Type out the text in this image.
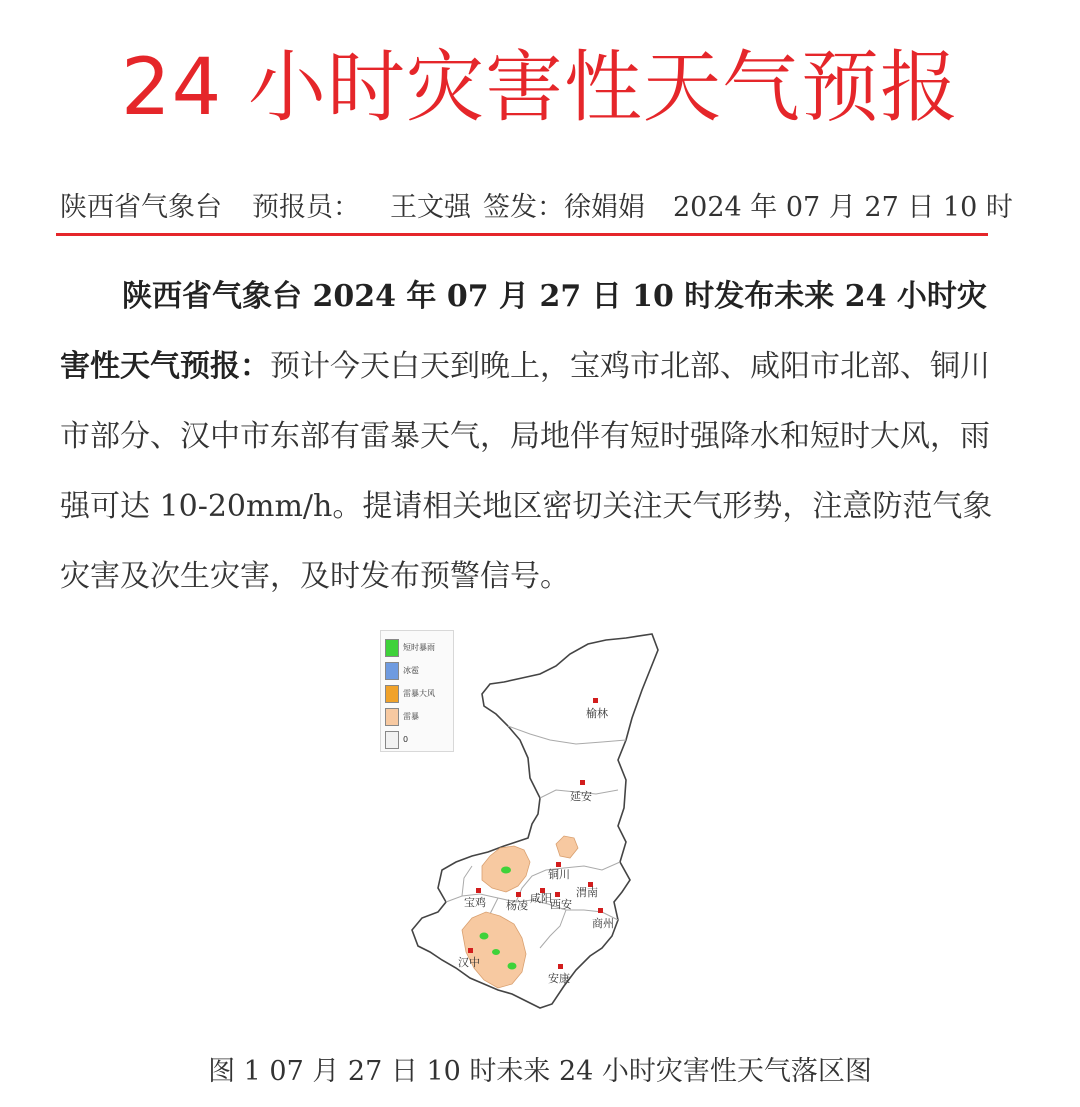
24 小时灾害性天气预报
陕西省气象台 预报员： 王文强 签发：徐娟娟 2024 年 07 月 27 日 10 时

陕西省气象台 2024 年 07 月 27 日 10 时发布未来 24 小时灾害性天气预报：预计今天白天到晚上，宝鸡市北部、咸阳市北部、铜川市部分、汉中市东部有雷暴天气，局地伴有短时强降水和短时大风，雨强可达 10-20mm/h。提请相关地区密切关注天气形势，注意防范气象灾害及次生灾害，及时发布预警信号。

短时暴雨
冰雹
雷暴大风
雷暴
0
榆林
延安
铜川
渭南
宝鸡 杨凌
咸阳
西安
商州
汉中
安康
图 1 07 月 27 日 10 时未来 24 小时灾害性天气落区图
